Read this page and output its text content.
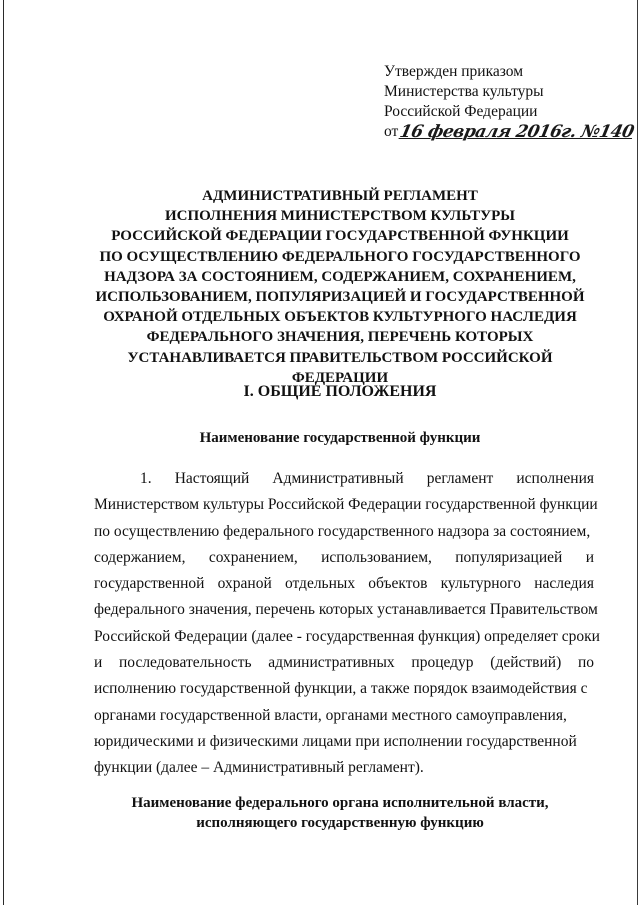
Утвержден приказом
Министерства культуры
Российской Федерации
от 16 февраля 2016г. №140
АДМИНИСТРАТИВНЫЙ РЕГЛАМЕНТ
ИСПОЛНЕНИЯ МИНИСТЕРСТВОМ КУЛЬТУРЫ
РОССИЙСКОЙ ФЕДЕРАЦИИ ГОСУДАРСТВЕННОЙ ФУНКЦИИ
ПО ОСУЩЕСТВЛЕНИЮ ФЕДЕРАЛЬНОГО ГОСУДАРСТВЕННОГО
НАДЗОРА ЗА СОСТОЯНИЕМ, СОДЕРЖАНИЕМ, СОХРАНЕНИЕМ,
ИСПОЛЬЗОВАНИЕМ, ПОПУЛЯРИЗАЦИЕЙ И ГОСУДАРСТВЕННОЙ
ОХРАНОЙ ОТДЕЛЬНЫХ ОБЪЕКТОВ КУЛЬТУРНОГО НАСЛЕДИЯ
ФЕДЕРАЛЬНОГО ЗНАЧЕНИЯ, ПЕРЕЧЕНЬ КОТОРЫХ
УСТАНАВЛИВАЕТСЯ ПРАВИТЕЛЬСТВОМ РОССИЙСКОЙ
ФЕДЕРАЦИИ
I. ОБЩИЕ ПОЛОЖЕНИЯ
Наименование государственной функции
1. Настоящий Административный регламент исполнения
Министерством культуры Российской Федерации государственной функции
по осуществлению федерального государственного надзора за состоянием,
содержанием, сохранением, использованием, популяризацией и
государственной охраной отдельных объектов культурного наследия
федерального значения, перечень которых устанавливается Правительством
Российской Федерации (далее - государственная функция) определяет сроки
и последовательность административных процедур (действий) по
исполнению государственной функции, а также порядок взаимодействия с
органами государственной власти, органами местного самоуправления,
юридическими и физическими лицами при исполнении государственной
функции (далее – Административный регламент).
Наименование федерального органа исполнительной власти,
исполняющего государственную функцию
